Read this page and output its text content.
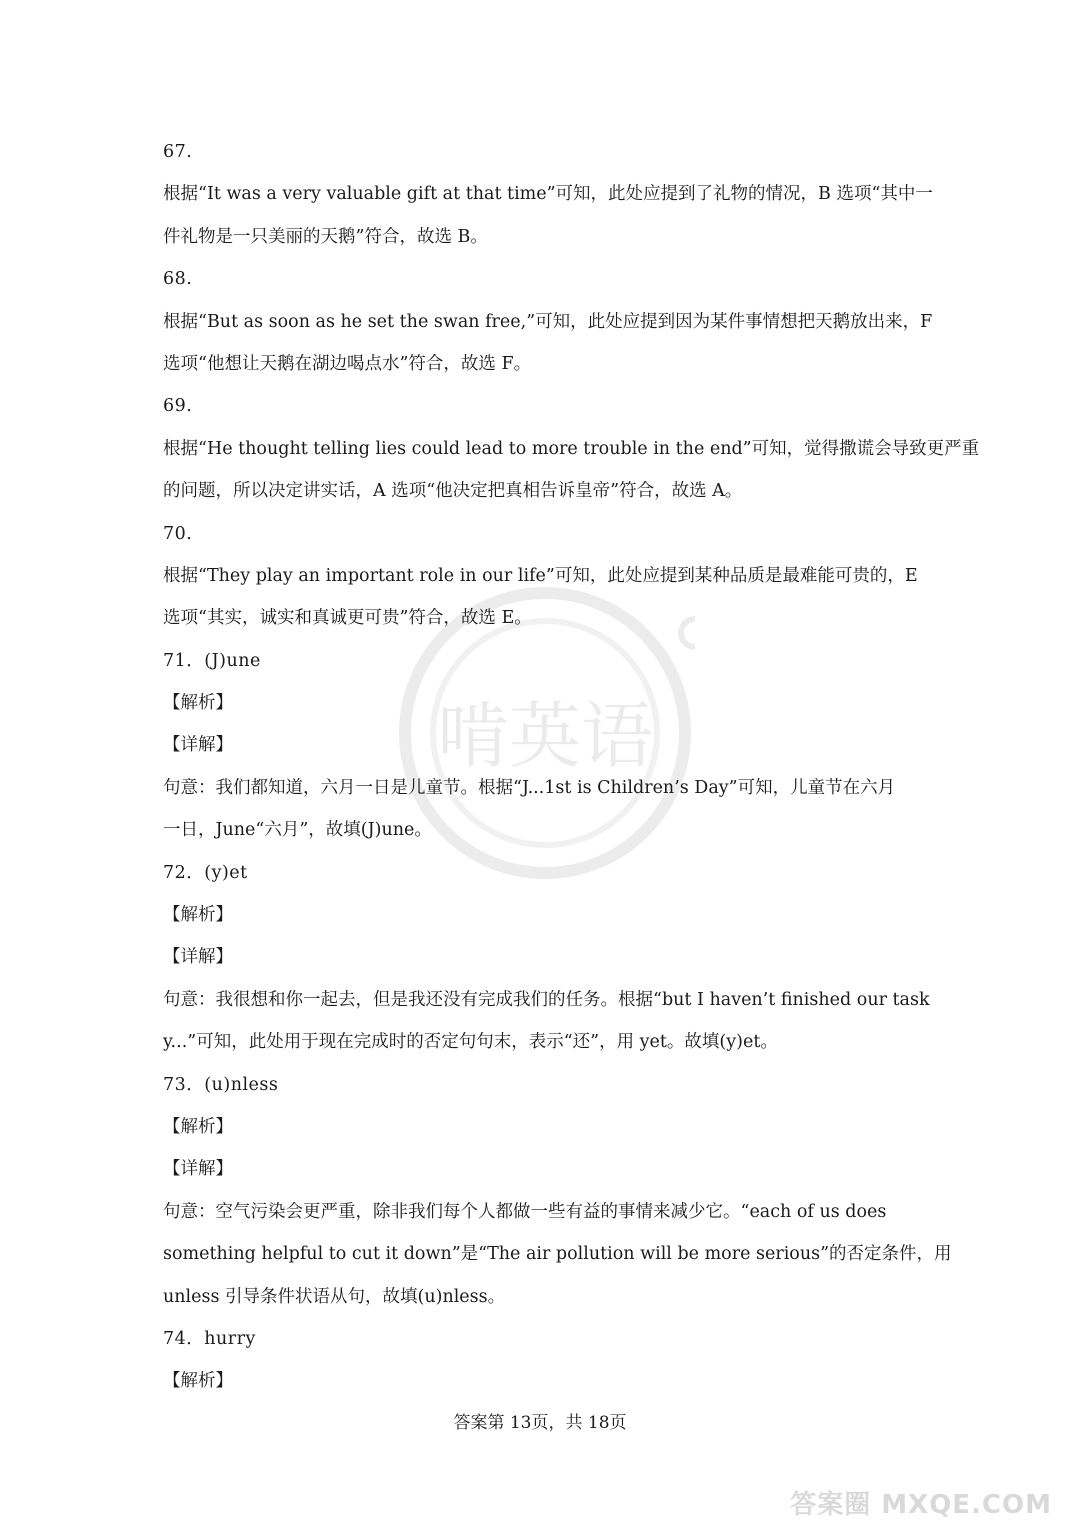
啃英语
67.
根据“It was a very valuable gift at that time”可知，此处应提到了礼物的情况，B 选项“其中一
件礼物是一只美丽的天鹅”符合，故选 B。
68.
根据“But as soon as he set the swan free,”可知，此处应提到因为某件事情想把天鹅放出来，F
选项“他想让天鹅在湖边喝点水”符合，故选 F。
69.
根据“He thought telling lies could lead to more trouble in the end”可知，觉得撒谎会导致更严重
的问题，所以决定讲实话，A 选项“他决定把真相告诉皇帝”符合，故选 A。
70.
根据“They play an important role in our life”可知，此处应提到某种品质是最难能可贵的，E
选项“其实，诚实和真诚更可贵”符合，故选 E。
71．(J)une
【解析】
【详解】
句意：我们都知道，六月一日是儿童节。根据“J...1st is Children’s Day”可知，儿童节在六月
一日，June“六月”，故填(J)une。
72．(y)et
【解析】
【详解】
句意：我很想和你一起去，但是我还没有完成我们的任务。根据“but I haven’t finished our task
y...”可知，此处用于现在完成时的否定句句末，表示“还”，用 yet。故填(y)et。
73．(u)nless
【解析】
【详解】
句意：空气污染会更严重，除非我们每个人都做一些有益的事情来减少它。“each of us does
something helpful to cut it down”是“The air pollution will be more serious”的否定条件，用
unless 引导条件状语从句，故填(u)nless。
74．hurry
【解析】
答案第 13页，共 18页
答案圈 MXQE.COM
